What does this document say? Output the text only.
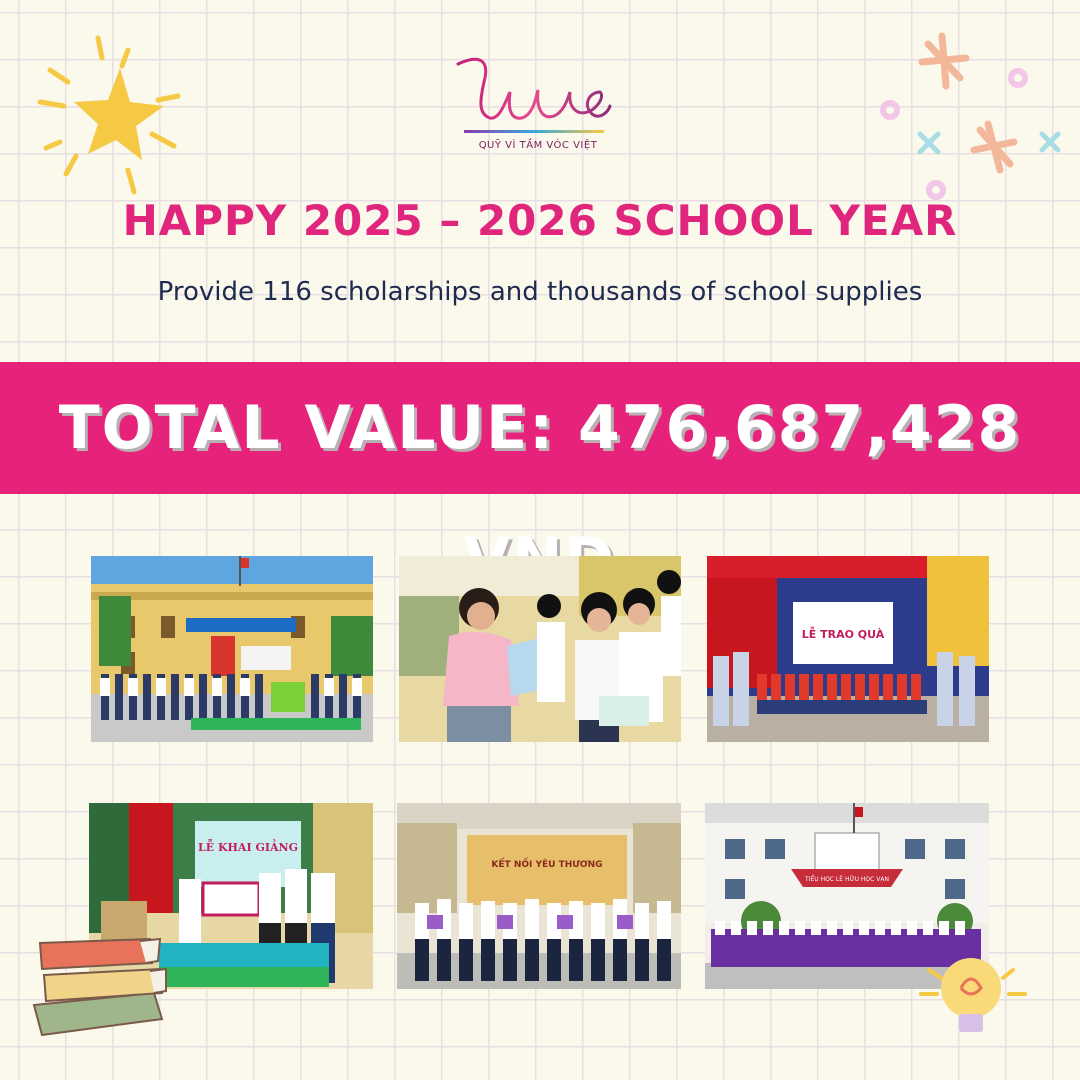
QUỸ VÌ TẦM VÓC VIỆT
HAPPY 2025 – 2026 SCHOOL YEAR
Provide 116 scholarships and thousands of school supplies
TOTAL VALUE: 476,687,428
LỄ TRAO QUÀ
LỄ KHAI GIẢNG
KẾT NỐI YÊU THƯƠNG
TIỂU HỌC LÊ HỮU HỌC VẠN
